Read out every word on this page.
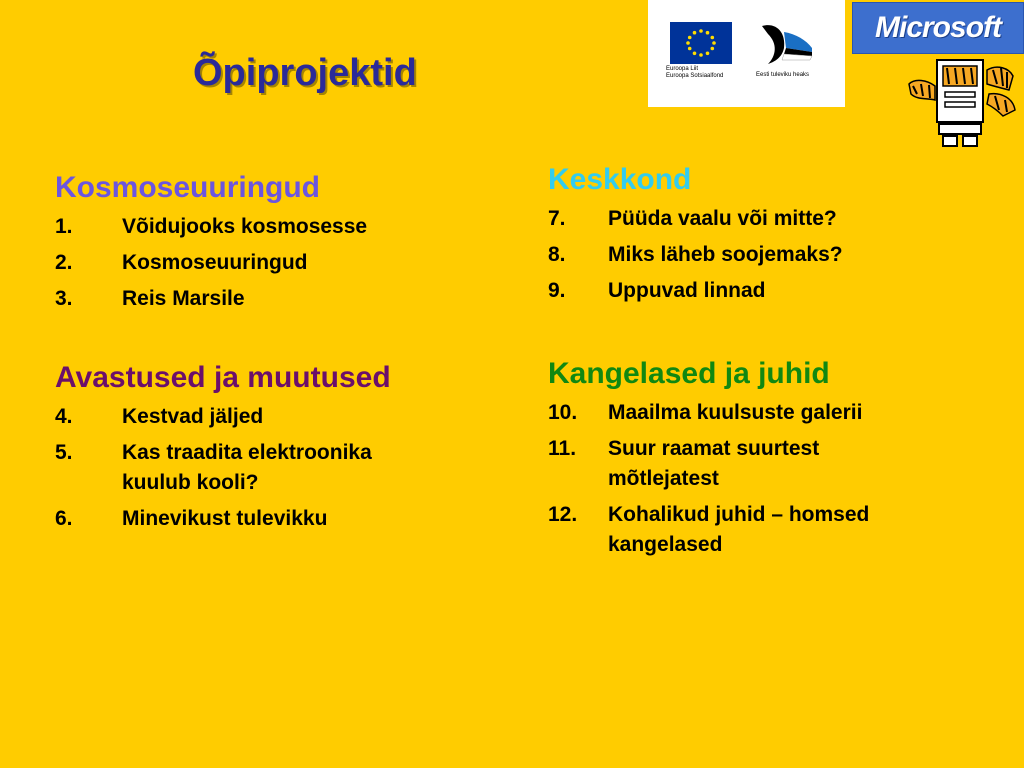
Õpiprojektid	Euroopa Liit
Euroopa Sotsiaalfond	Eesti tuleviku heaks
Microsoft
Kosmoseuuringud
1.	Võidujooks kosmosesse
2.	Kosmoseuuringud
3.	Reis Marsile
Avastused ja muutused
4.	Kestvad jäljed
5.	Kas traadita elektroonika kuulub kooli?
6.	Minevikust tulevikku
Keskkond
7.	Püüda vaalu või mitte?
8.	Miks läheb soojemaks?
9.	Uppuvad linnad
Kangelased ja juhid
10.	Maailma kuulsuste galerii
11.	Suur raamat suurtest mõtlejatest
12.	Kohalikud juhid – homsed kangelased
